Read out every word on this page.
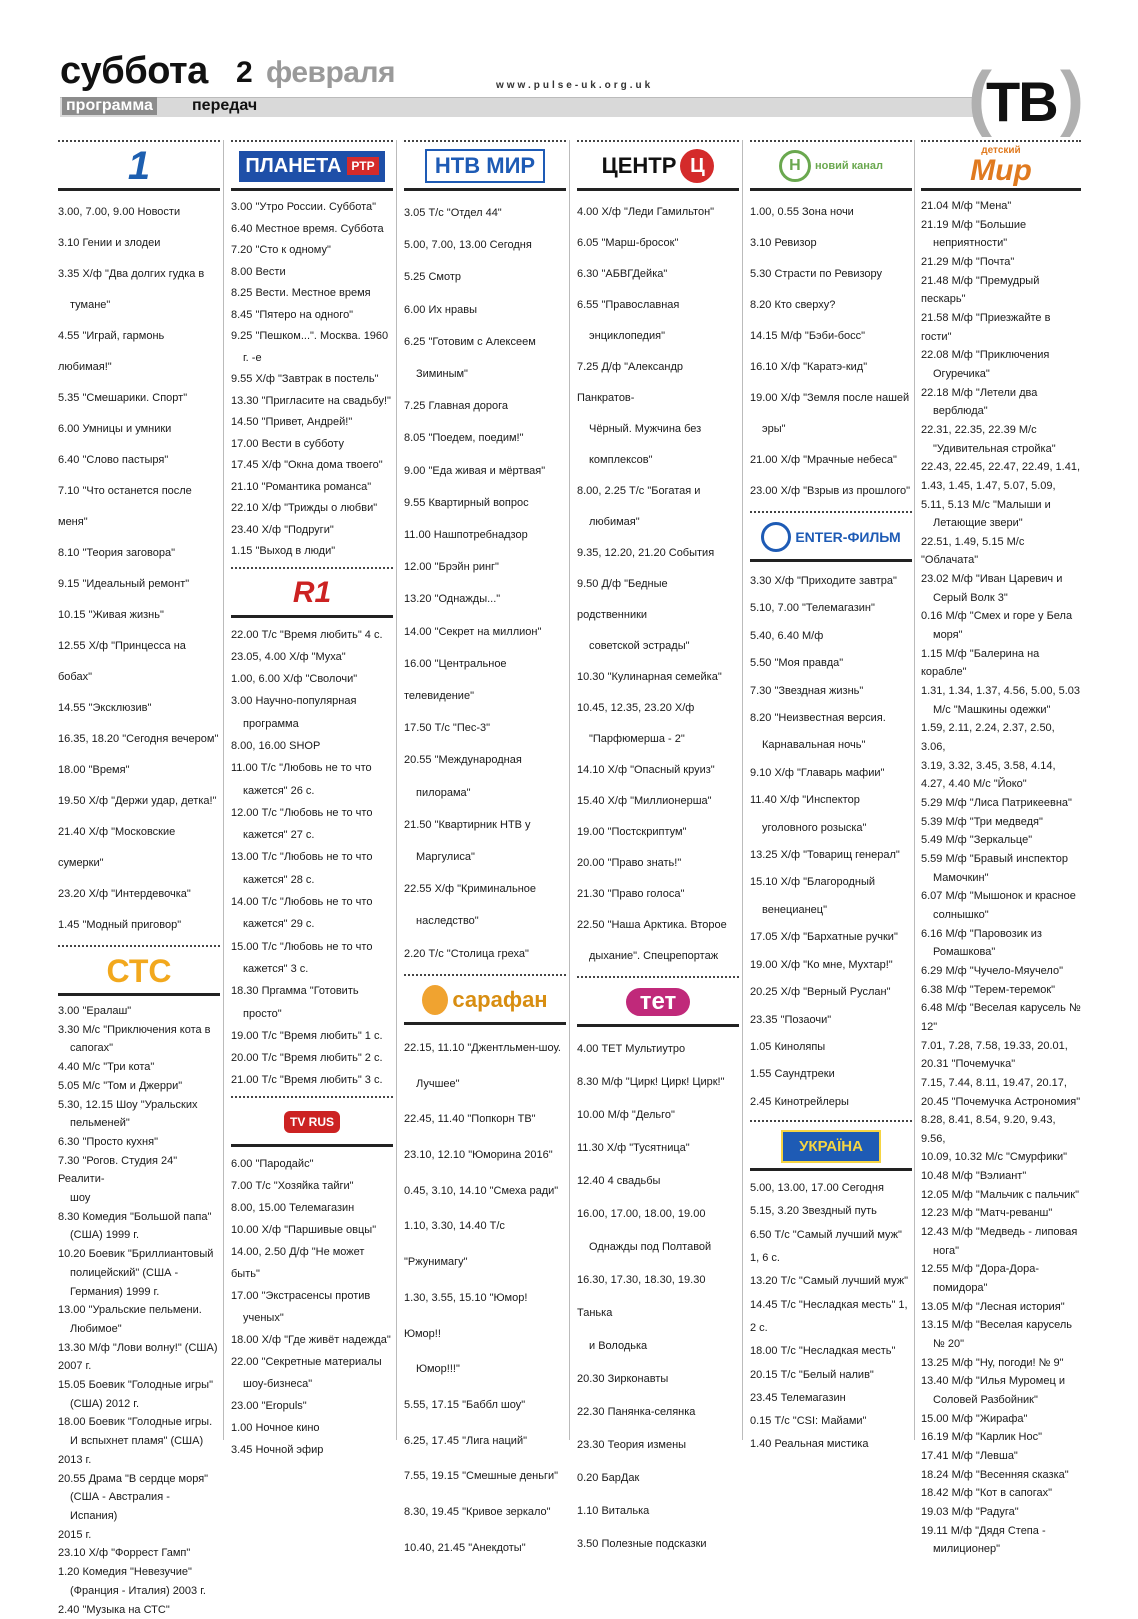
суббота 2 февраля	www.pulse-uk.org.uk
программа передач	(
ТВ )
1
3.00, 7.00, 9.00 Новости
3.10 Гении и злодеи
3.35 Х/ф "Два долгих гудка в
тумане"
4.55 "Играй, гармонь любимая!"
5.35 "Смешарики. Спорт"
6.00 Умницы и умники
6.40 "Слово пастыря"
7.10 "Что останется после меня"
8.10 "Теория заговора"
9.15 "Идеальный ремонт"
10.15 "Живая жизнь"
12.55 Х/ф "Принцесса на бобах"
14.55 "Эксклюзив"
16.35, 18.20 "Сегодня вечером"
18.00 "Время"
19.50 Х/ф "Держи удар, детка!"
21.40 Х/ф "Московские сумерки"
23.20 Х/ф "Интердевочка"
1.45 "Модный приговор"
СТС
3.00 "Ералаш"
3.30 М/с "Приключения кота в
сапогах"
4.40 М/с "Три кота"
5.05 М/с "Том и Джерри"
5.30, 12.15 Шоу "Уральских
пельменей"
6.30 "Просто кухня"
7.30 "Рогов. Студия 24" Реалити-
шоу
8.30 Комедия "Большой папа"
(США) 1999 г.
10.20 Боевик "Бриллиантовый
полицейский" (США -
Германия) 1999 г.
13.00 "Уральские пельмени.
Любимое"
13.30 М/ф "Лови волну!" (США)
2007 г.
15.05 Боевик "Голодные игры"
(США) 2012 г.
18.00 Боевик "Голодные игры.
И вспыхнет пламя" (США)
2013 г.
20.55 Драма "В сердце моря"
(США - Австралия - Испания)
2015 г.
23.10 Х/ф "Форрест Гамп"
1.20 Комедия "Невезучие"
(Франция - Италия) 2003 г.
2.40 "Музыка на СТС"
ПЛАНЕТА РТР
3.00 "Утро России. Суббота"
6.40 Местное время. Суббота
7.20 "Сто к одному"
8.00 Вести
8.25 Вести. Местное время
8.45 "Пятеро на одного"
9.25 "Пешком...". Москва. 1960
г. -е
9.55 Х/ф "Завтрак в постель"
13.30 "Пригласите на свадьбу!"
14.50 "Привет, Андрей!"
17.00 Вести в субботу
17.45 Х/ф "Окна дома твоего"
21.10 "Романтика романса"
22.10 Х/ф "Трижды о любви"
23.40 Х/ф "Подруги"
1.15 "Выход в люди"
R1
22.00 Т/с "Время любить" 4 с.
23.05, 4.00 Х/ф "Муха"
1.00, 6.00 Х/ф "Сволочи"
3.00 Научно-популярная
программа
8.00, 16.00 SHOP
11.00 Т/с "Любовь не то что
кажется" 26 с.
12.00 Т/с "Любовь не то что
кажется" 27 с.
13.00 Т/с "Любовь не то что
кажется" 28 с.
14.00 Т/с "Любовь не то что
кажется" 29 с.
15.00 Т/с "Любовь не то что
кажется" 3 с.
18.30 Пргамма "Готовить
просто"
19.00 Т/с "Время любить" 1 с.
20.00 Т/с "Время любить" 2 с.
21.00 Т/с "Время любить" 3 с.
TV RUS
6.00 "Пародайс"
7.00 Т/с "Хозяйка тайги"
8.00, 15.00 Телемагазин
10.00 Х/ф "Паршивые овцы"
14.00, 2.50 Д/ф "Не может быть"
17.00 "Экстрасенсы против
ученых"
18.00 Х/ф "Где живёт надежда"
22.00 "Секретные материалы
шоу-бизнеса"
23.00 "Eropuls"
1.00 Ночное кино
3.45 Ночной эфир
НТВ МИР
3.05 Т/с "Отдел 44"
5.00, 7.00, 13.00 Сегодня
5.25 Смотр
6.00 Их нравы
6.25 "Готовим с Алексеем
Зиминым"
7.25 Главная дорога
8.05 "Поедем, поедим!"
9.00 "Еда живая и мёртвая"
9.55 Квартирный вопрос
11.00 Нашпотребнадзор
12.00 "Брэйн ринг"
13.20 "Однажды..."
14.00 "Секрет на миллион"
16.00 "Центральное телевидение"
17.50 Т/с "Пес-3"
20.55 "Международная
пилорама"
21.50 "Квартирник НТВ у
Маргулиса"
22.55 Х/ф "Криминальное
наследство"
2.20 Т/с "Столица греха"
сарафан
22.15, 11.10 "Джентльмен-шоу.
Лучшее"
22.45, 11.40 "Попкорн ТВ"
23.10, 12.10 "Юморина 2016"
0.45, 3.10, 14.10 "Смеха ради"
1.10, 3.30, 14.40 Т/с "Ржунимагу"
1.30, 3.55, 15.10 "Юмор! Юмор!!
Юмор!!!"
5.55, 17.15 "Баббл шоу"
6.25, 17.45 "Лига наций"
7.55, 19.15 "Смешные деньги"
8.30, 19.45 "Кривое зеркало"
10.40, 21.45 "Анекдоты"
ЦЕНТР Ц
4.00 Х/ф "Леди Гамильтон"
6.05 "Марш-бросок"
6.30 "АБВГДейка"
6.55 "Православная
энциклопедия"
7.25 Д/ф "Александр Панкратов-
Чёрный. Мужчина без
комплексов"
8.00, 2.25 Т/с "Богатая и
любимая"
9.35, 12.20, 21.20 События
9.50 Д/ф "Бедные родственники
советской эстрады"
10.30 "Кулинарная семейка"
10.45, 12.35, 23.20 Х/ф
"Парфюмерша - 2"
14.10 Х/ф "Опасный круиз"
15.40 Х/ф "Миллионерша"
19.00 "Постскриптум"
20.00 "Право знать!"
21.30 "Право голоса"
22.50 "Наша Арктика. Второе
дыхание". Спецрепортаж
тет
4.00 ТЕТ Мультиутро
8.30 М/ф "Цирк! Цирк! Цирк!"
10.00 М/ф "Дельго"
11.30 Х/ф "Тусятница"
12.40 4 свадьбы
16.00, 17.00, 18.00, 19.00
Однажды под Полтавой
16.30, 17.30, 18.30, 19.30 Танька
и Володька
20.30 Зирконавты
22.30 Панянка-селянка
23.30 Теория измены
0.20 БарДак
1.10 Виталька
3.50 Полезные подсказки
Н	новий канал
1.00, 0.55 Зона ночи
3.10 Ревизор
5.30 Страсти по Ревизору
8.20 Кто сверху?
14.15 М/ф "Бэби-босс"
16.10 Х/ф "Каратэ-кид"
19.00 Х/ф "Земля после нашей
эры"
21.00 Х/ф "Мрачные небеса"
23.00 Х/ф "Взрыв из прошлого"
ENTER-ФИЛЬМ
3.30 Х/ф "Приходите завтра"
5.10, 7.00 "Телемагазин"
5.40, 6.40 М/ф
5.50 "Моя правда"
7.30 "Звездная жизнь"
8.20 "Неизвестная версия.
Карнавальная ночь"
9.10 Х/ф "Главарь мафии"
11.40 Х/ф "Инспектор
уголовного розыска"
13.25 Х/ф "Товарищ генерал"
15.10 Х/ф "Благородный
венецианец"
17.05 Х/ф "Бархатные ручки"
19.00 Х/ф "Ко мне, Мухтар!"
20.25 Х/ф "Верный Руслан"
23.35 "Позаочи"
1.05 Киноляпы
1.55 Саундтреки
2.45 Кинотрейлеры
УКРАЇНА
5.00, 13.00, 17.00 Сегодня
5.15, 3.20 Звездный путь
6.50 Т/с "Самый лучший муж"
1, 6 с.
13.20 Т/с "Самый лучший муж"
14.45 Т/с "Несладкая месть" 1,
2 с.
18.00 Т/с "Несладкая месть"
20.15 Т/с "Белый налив"
23.45 Телемагазин
0.15 Т/с "CSI: Майами"
1.40 Реальная мистика
детский
Мир
21.04 М/ф "Мена"
21.19 М/ф "Большие
неприятности"
21.29 М/ф "Почта"
21.48 М/ф "Премудрый пескарь"
21.58 М/ф "Приезжайте в гости"
22.08 М/ф "Приключения
Огуречика"
22.18 М/ф "Летели два
верблюда"
22.31, 22.35, 22.39 М/с
"Удивительная стройка"
22.43, 22.45, 22.47, 22.49, 1.41,
1.43, 1.45, 1.47, 5.07, 5.09,
5.11, 5.13 М/с "Малыши и
Летающие звери"
22.51, 1.49, 5.15 М/с "Облачата"
23.02 М/ф "Иван Царевич и
Серый Волк 3"
0.16 М/ф "Смех и горе у Бела
моря"
1.15 М/ф "Балерина на корабле"
1.31, 1.34, 1.37, 4.56, 5.00, 5.03
М/с "Машкины одежки"
1.59, 2.11, 2.24, 2.37, 2.50, 3.06,
3.19, 3.32, 3.45, 3.58, 4.14,
4.27, 4.40 М/с "Йоко"
5.29 М/ф "Лиса Патрикеевна"
5.39 М/ф "Три медведя"
5.49 М/ф "Зеркальце"
5.59 М/ф "Бравый инспектор
Мамочкин"
6.07 М/ф "Мышонок и красное
солнышко"
6.16 М/ф "Паровозик из
Ромашкова"
6.29 М/ф "Чучело-Мяучело"
6.38 М/ф "Терем-теремок"
6.48 М/ф "Веселая карусель №
12"
7.01, 7.28, 7.58, 19.33, 20.01,
20.31 "Почемучка"
7.15, 7.44, 8.11, 19.47, 20.17,
20.45 "Почемучка Астрономия"
8.28, 8.41, 8.54, 9.20, 9.43, 9.56,
10.09, 10.32 М/с "Смурфики"
10.48 М/ф "Вэлиант"
12.05 М/ф "Мальчик с пальчик"
12.23 М/ф "Матч-реванш"
12.43 М/ф "Медведь - липовая
нога"
12.55 М/ф "Дора-Дора-
помидора"
13.05 М/ф "Лесная история"
13.15 М/ф "Веселая карусель
№ 20"
13.25 М/ф "Ну, погоди! № 9"
13.40 М/ф "Илья Муромец и
Соловей Разбойник"
15.00 М/ф "Жирафа"
16.19 М/ф "Карлик Нос"
17.41 М/ф "Левша"
18.24 М/ф "Весенняя сказка"
18.42 М/ф "Кот в сапогах"
19.03 М/ф "Радуга"
19.11 М/ф "Дядя Степа -
милиционер"
